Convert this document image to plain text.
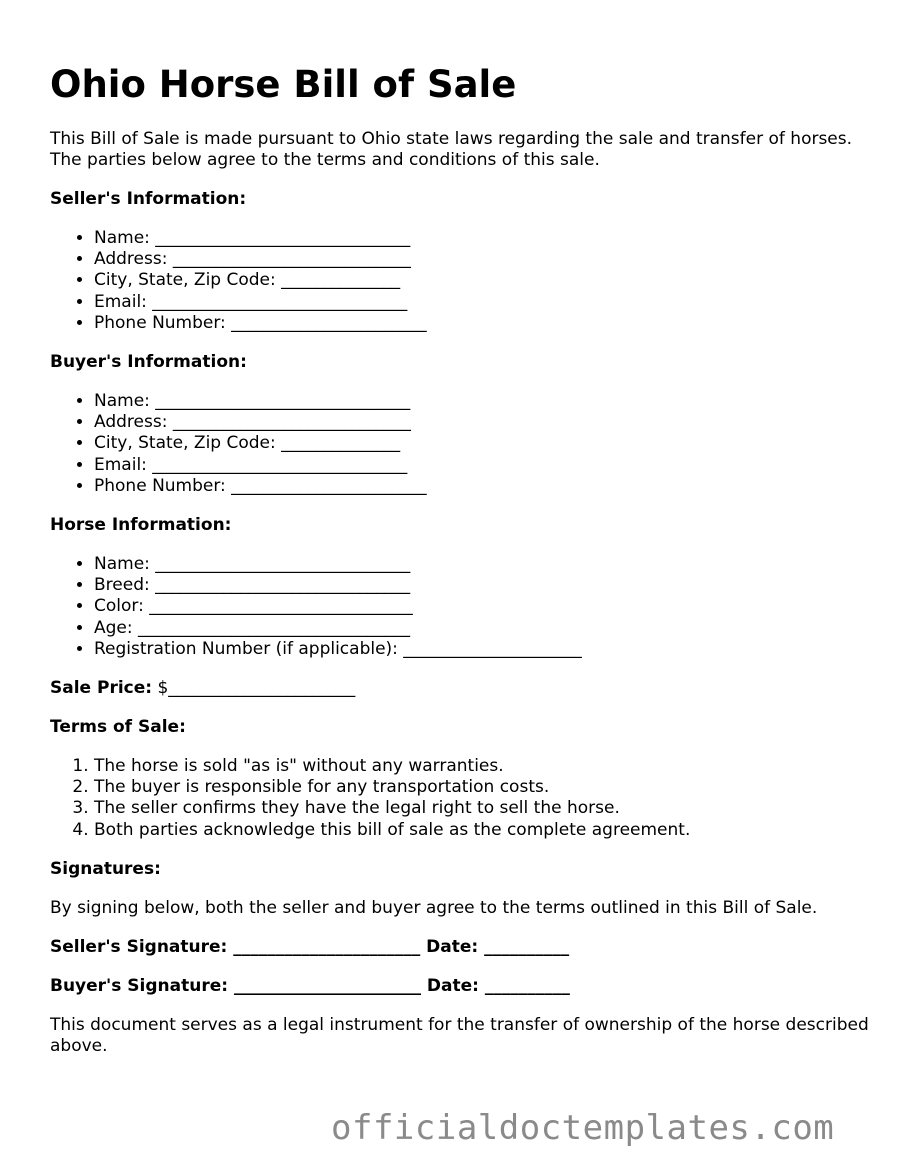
Ohio Horse Bill of Sale

This Bill of Sale is made pursuant to Ohio state laws regarding the sale and transfer of horses. The parties below agree to the terms and conditions of this sale.

Seller's Information:

• Name: ______________________________
• Address: ____________________________
• City, State, Zip Code: ______________
• Email: ______________________________
• Phone Number: _______________________

Buyer's Information:

• Name: ______________________________
• Address: ____________________________
• City, State, Zip Code: ______________
• Email: ______________________________
• Phone Number: _______________________

Horse Information:

• Name: ______________________________
• Breed: ______________________________
• Color: _______________________________
• Age: ________________________________
• Registration Number (if applicable): _____________________

Sale Price: $______________________

Terms of Sale:

1. The horse is sold "as is" without any warranties.
2. The buyer is responsible for any transportation costs.
3. The seller confirms they have the legal right to sell the horse.
4. Both parties acknowledge this bill of sale as the complete agreement.

Signatures:

By signing below, both the seller and buyer agree to the terms outlined in this Bill of Sale.

Seller's Signature: ______________________ Date: __________

Buyer's Signature: ______________________ Date: __________

This document serves as a legal instrument for the transfer of ownership of the horse described above.

officialdoctemplates.com
